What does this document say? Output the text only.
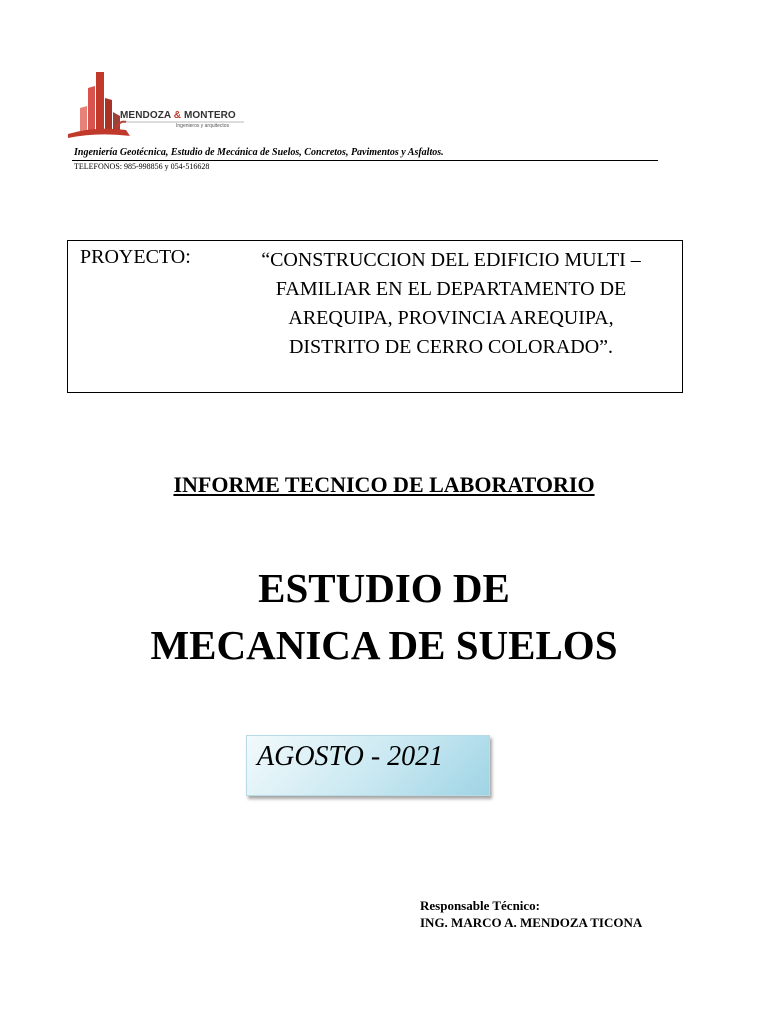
MENDOZA & MONTERO
Ingenieros y arquitectos
Ingeniería Geotécnica, Estudio de Mecánica de Suelos, Concretos, Pavimentos y Asfaltos.
TELEFONOS: 985-998856 y 054-516628
PROYECTO:	“CONSTRUCCION DEL EDIFICIO MULTI –
FAMILIAR EN EL DEPARTAMENTO DE
AREQUIPA, PROVINCIA AREQUIPA,
DISTRITO DE CERRO COLORADO”.
INFORME TECNICO DE LABORATORIO
ESTUDIO DE
MECANICA DE SUELOS
AGOSTO - 2021
Responsable Técnico:
ING. MARCO A. MENDOZA TICONA
